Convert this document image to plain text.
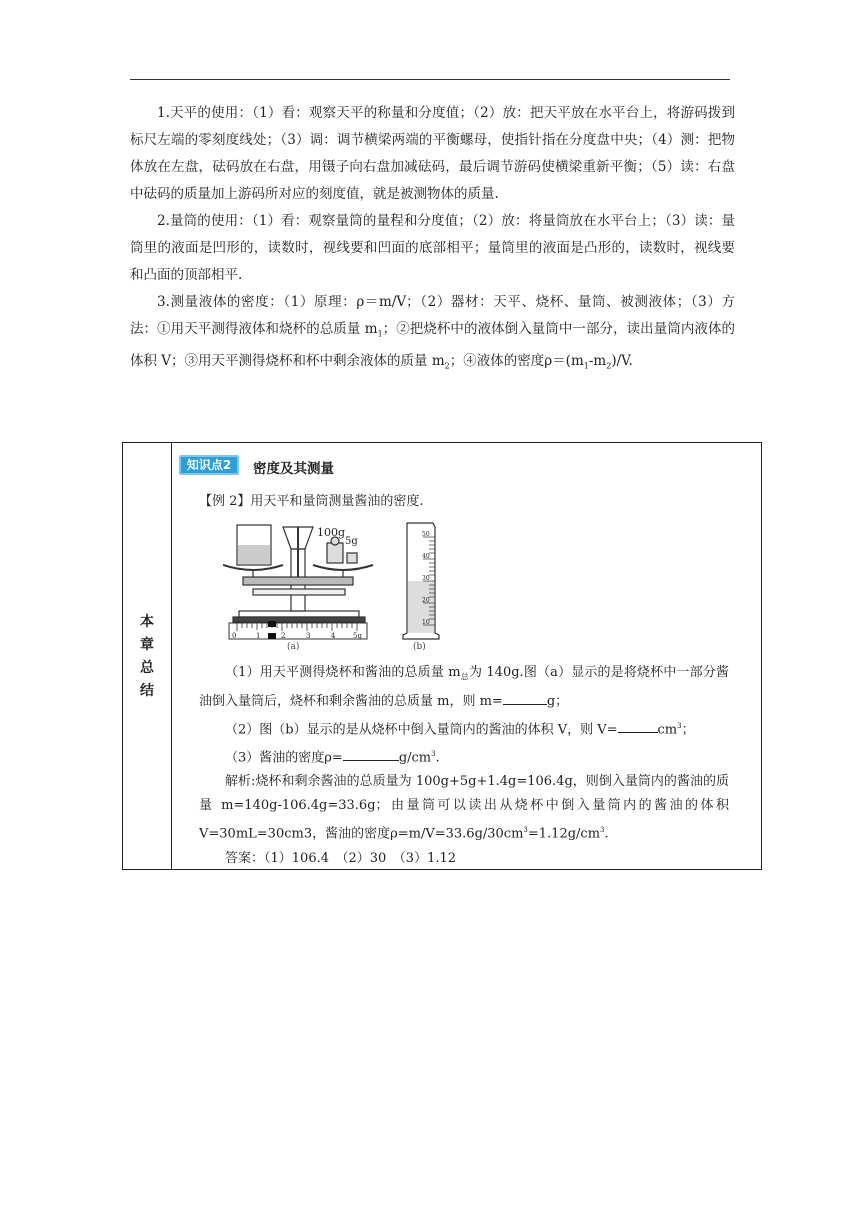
1.天平的使用：（1）看：观察天平的称量和分度值；（2）放：把天平放在水平台上，将游码拨到标尺左端的零刻度线处；（3）调：调节横梁两端的平衡螺母，使指针指在分度盘中央；（4）测：把物体放在左盘，砝码放在右盘，用镊子向右盘加减砝码，最后调节游码使横梁重新平衡；（5）读：右盘中砝码的质量加上游码所对应的刻度值，就是被测物体的质量.

2.量筒的使用：（1）看：观察量筒的量程和分度值；（2）放：将量筒放在水平台上；（3）读：量筒里的液面是凹形的，读数时，视线要和凹面的底部相平；量筒里的液面是凸形的，读数时，视线要和凸面的顶部相平.

3.测量液体的密度：（1）原理：ρ＝m/V；（2）器材：天平、烧杯、量筒、被测液体；（3）方法：①用天平测得液体和烧杯的总质量 $m_1$；②把烧杯中的液体倒入量筒中一部分，读出量筒内液体的体积 V；③用天平测得烧杯和杯中剩余液体的质量 $m_2$；④液体的密度$\rho=(m_1-m_2)/V$.

本
章
总
结
知识点2	密度及其测量
【例 2】用天平和量筒测量酱油的密度.
100g
5g
0	1	2	3	4	5g
(a)
50
40
30
20
10
(b)
（1）用天平测得烧杯和酱油的总质量 $m_总$为 140g.图（a）显示的是将烧杯中一部分酱油倒入量筒后，烧杯和剩余酱油的总质量 m，则 m=	g；
（2）图（b）显示的是从烧杯中倒入量筒内的酱油的体积 V，则 V=	$cm^3$；
（3）酱油的密度ρ=	$g/cm^3$.
解析:烧杯和剩余酱油的总质量为 100g+5g+1.4g=106.4g，则倒入量筒内的酱油的质量 m=140g-106.4g=33.6g；由量筒可以读出从烧杯中倒入量筒内的酱油的体积 V=30mL=30cm3，酱油的密度$\rho=m/V=33.6g/30cm^3=1.12g/cm^3$.
答案：（1）106.4　（2）30　（3）1.12
